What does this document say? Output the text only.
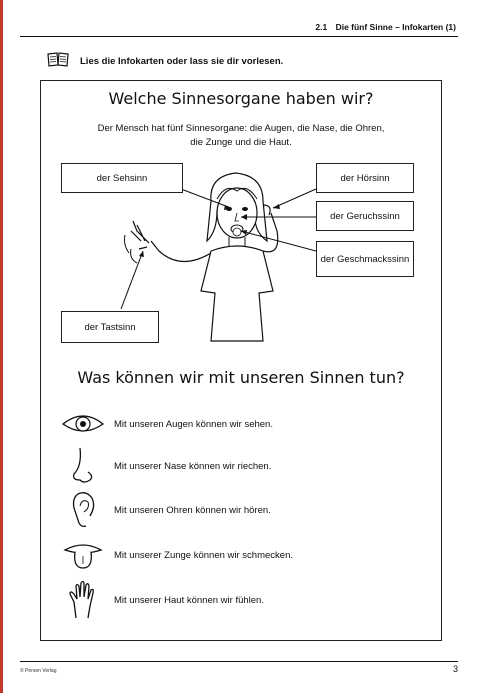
2.1 Die fünf Sinne – Infokarten (1)
Lies die Infokarten oder lass sie dir vorlesen.
Welche Sinnesorgane haben wir?
Der Mensch hat fünf Sinnesorgane: die Augen, die Nase, die Ohren,
die Zunge und die Haut.
der Sehsinn	der Hörsinn
der Geruchssinn
der Geschmackssinn
der Tastsinn
Was können wir mit unseren Sinnen tun?
Mit unseren Augen können wir sehen.
Mit unserer Nase können wir riechen.
Mit unseren Ohren können wir hören.
Mit unserer Zunge können wir schmecken.
Mit unserer Haut können wir fühlen.
© Persen Verlag	3
